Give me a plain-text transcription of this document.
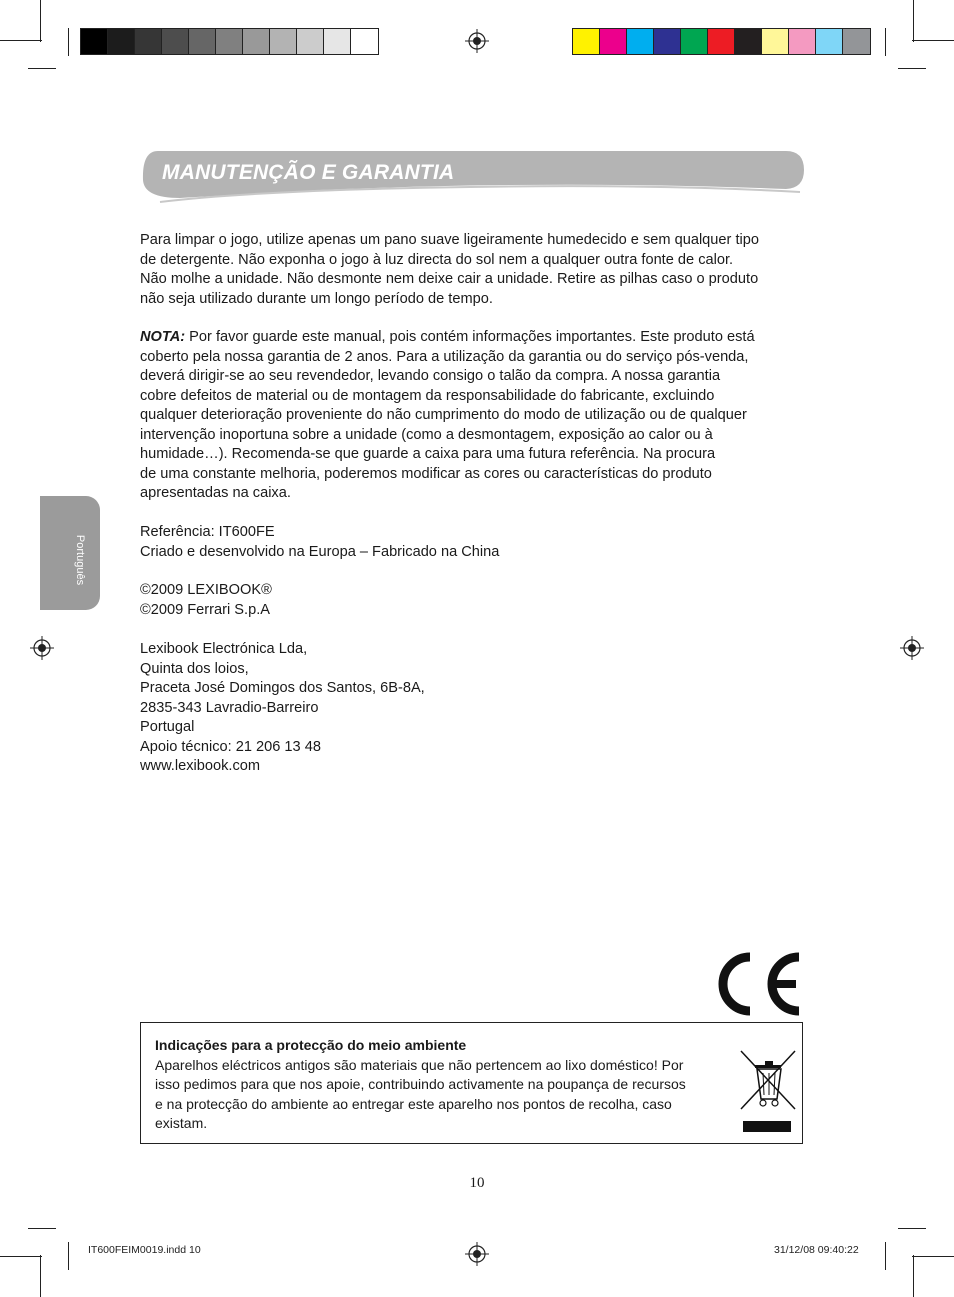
MANUTENÇÃO E GARANTIA

Para limpar o jogo, utilize apenas um pano suave ligeiramente humedecido e sem qualquer tipo

de detergente. Não exponha o jogo à luz directa do sol nem a qualquer outra fonte de calor.

Não molhe a unidade. Não desmonte nem deixe cair a unidade. Retire as pilhas caso o produto

não seja utilizado durante um longo período de tempo.

NOTA: Por favor guarde este manual, pois contém informações importantes. Este produto está

coberto pela nossa garantia de 2 anos. Para a utilização da garantia ou do serviço pós-venda,

deverá dirigir-se ao seu revendedor, levando consigo o talão da compra. A nossa garantia

cobre defeitos de material ou de montagem da responsabilidade do fabricante, excluindo

qualquer deterioração proveniente do não cumprimento do modo de utilização ou de qualquer

intervenção inoportuna sobre a unidade (como a desmontagem, exposição ao calor ou à

humidade…). Recomenda-se que guarde a caixa para uma futura referência. Na procura

de uma constante melhoria, poderemos modificar as cores ou características do produto

apresentadas na caixa.

Referência: IT600FE

Criado e desenvolvido na Europa – Fabricado na China

©2009 LEXIBOOK®

©2009 Ferrari S.p.A

Lexibook Electrónica Lda,

Quinta dos loios,

Praceta José Domingos dos Santos, 6B-8A,

2835-343 Lavradio-Barreiro

Portugal

Apoio técnico: 21 206 13 48

www.lexibook.com

Português
Indicações para a protecção do meio ambiente
Aparelhos eléctricos antigos são materiais que não pertencem ao lixo doméstico! Por
isso pedimos para que nos apoie, contribuindo activamente na poupança de recursos
e na protecção do ambiente ao entregar este aparelho nos pontos de recolha, caso
existam.
10
IT600FEIM0019.indd 10	31/12/08 09:40:22
